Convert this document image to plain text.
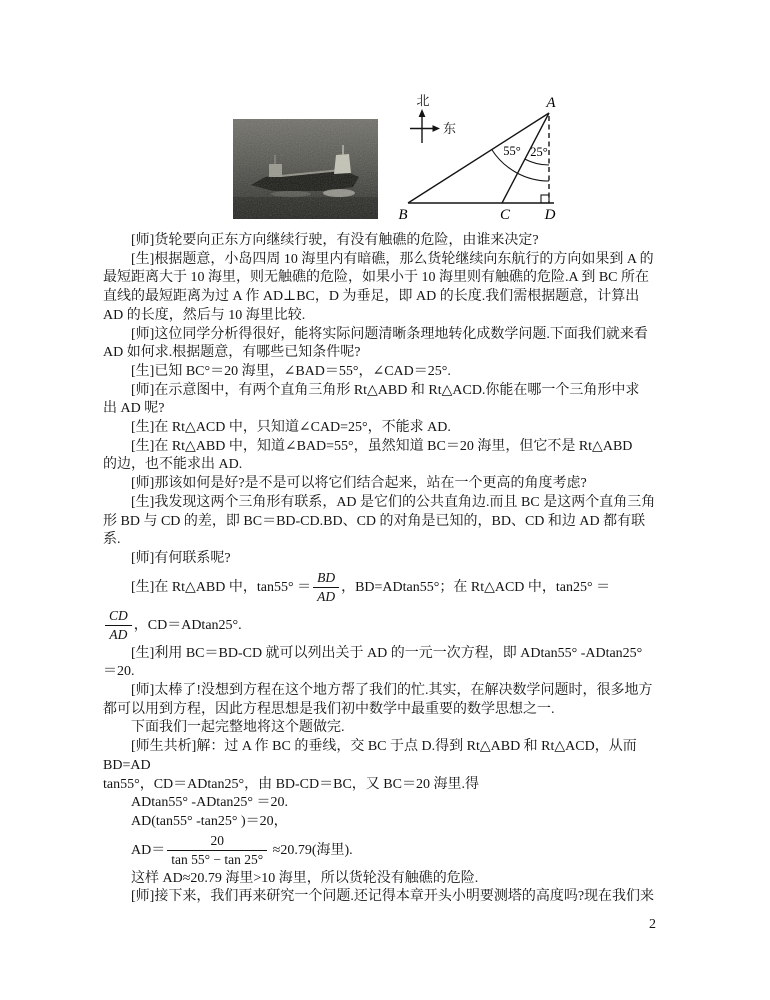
北
东
55° 25°
A
B	C D
[师]货轮要向正东方向继续行驶，有没有触礁的危险，由谁来决定?
[生]根据题意，小岛四周 10 海里内有暗礁，那么货轮继续向东航行的方向如果到 A 的
最短距离大于 10 海里，则无触礁的危险，如果小于 10 海里则有触礁的危险.A 到 BC 所在
直线的最短距离为过 A 作 AD⊥BC，D 为垂足，即 AD 的长度.我们需根据题意，计算出
AD 的长度，然后与 10 海里比较.
[师]这位同学分析得很好，能将实际问题清晰条理地转化成数学问题.下面我们就来看
AD 如何求.根据题意，有哪些已知条件呢?
[生]已知 BC°＝20 海里，∠BAD＝55°，∠CAD＝25°.
[师]在示意图中，有两个直角三角形 Rt△ABD 和 Rt△ACD.你能在哪一个三角形中求
出 AD 呢?
[生]在 Rt△ACD 中，只知道∠CAD=25°，不能求 AD.
[生]在 Rt△ABD 中，知道∠BAD=55°，虽然知道 BC＝20 海里，但它不是 Rt△ABD
的边，也不能求出 AD.
[师]那该如何是好?是不是可以将它们结合起来，站在一个更高的角度考虑?
[生]我发现这两个三角形有联系，AD 是它们的公共直角边.而且 BC 是这两个直角三角
形 BD 与 CD 的差，即 BC＝BD-CD.BD、CD 的对角是已知的，BD、CD 和边 AD 都有联
系.
[师]有何联系呢?
[生]在 Rt△ABD 中，$\tan 55^\circ = \frac{BD}{AD}$ ，BD=ADtan55°；在 Rt△ACD 中，tan25° ＝
$\frac{CD}{AD}$ ，CD＝ADtan25°.
[生]利用 BC＝BD-CD 就可以列出关于 AD 的一元一次方程，即 ADtan55° -ADtan25°
＝20.
[师]太棒了!没想到方程在这个地方帮了我们的忙.其实，在解决数学问题时，很多地方
都可以用到方程，因此方程思想是我们初中数学中最重要的数学思想之一.
下面我们一起完整地将这个题做完.
[师生共析]解：过 A 作 BC 的垂线，交 BC 于点 D.得到 Rt△ABD 和 Rt△ACD，从而
BD=AD
tan55°，CD＝ADtan25°，由 BD-CD＝BC，又 BC＝20 海里.得
ADtan55° -ADtan25° ＝20.
AD(tan55° -tan25° )＝20，
$AD= \frac{20}{\tan 55^\circ - \tan 25^\circ} \approx 20.79$(海里).
这样 AD≈20.79 海里>10 海里，所以货轮没有触礁的危险.
[师]接下来，我们再来研究一个问题.还记得本章开头小明要测塔的高度吗?现在我们来
2
